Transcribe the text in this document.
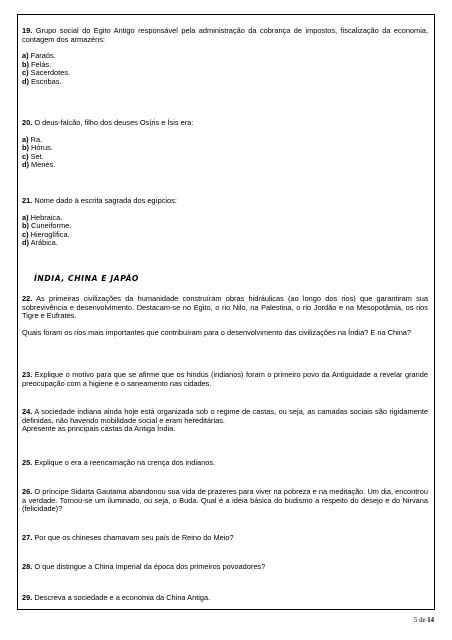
19. Grupo social do Egito Antigo responsável pela administração da cobrança de impostos, fiscalização da economia, contagem dos armazéns:

a) Faraós.
b) Felás.
c) Sacerdotes.
d) Escribas.

20. O deus-falcão, filho dos deuses Osíris e Ísis era:

a) Ra.
b) Hórus.
c) Set.
d) Menés.

21. Nome dado à escrita sagrada dos egípcios:

a) Hebraica.
b) Cuneiforme.
c) Hieroglífica.
d) Arábica.

22. As primeiras civilizações da humanidade construíram obras hidráulicas (ao longo dos rios) que garantiram sua sobrevivência e desenvolvimento. Destacam-se no Egito, o rio Nilo, na Palestina, o rio Jordão e na Mesopotâmia, os rios Tigre e Eufrates.

Quais foram os rios mais importantes que contribuíram para o desenvolvimento das civilizações na Índia? E na China?

23. Explique o motivo para que se afirme que os hindus (indianos) foram o primeiro povo da Antiguidade a revelar grande preocupação com a higiene e o saneamento nas cidades.

24. A sociedade indiana ainda hoje está organizada sob o regime de castas, ou seja, as camadas sociais são rigidamente definidas, não havendo mobilidade social e eram hereditárias.

Apresente as principais castas da Antiga Índia.

25. Explique o era a reencarnação na crença dos indianos.

26. O príncipe Sidarta Gautama abandonou sua vida de prazeres para viver na pobreza e na meditação. Um dia, encontrou a verdade. Tornou-se um iluminado, ou seja, o Buda. Qual é a idéia básica do budismo a respeito do desejo e do Nirvana (felicidade)?

27. Por que os chineses chamavam seu país de Reino do Meio?

28. O que distingue a China imperial da época dos primeiros povoadores?

29. Descreva a sociedade e a economia da China Antiga.

ÍNDIA, CHINA E JAPÃO
5 de 14
